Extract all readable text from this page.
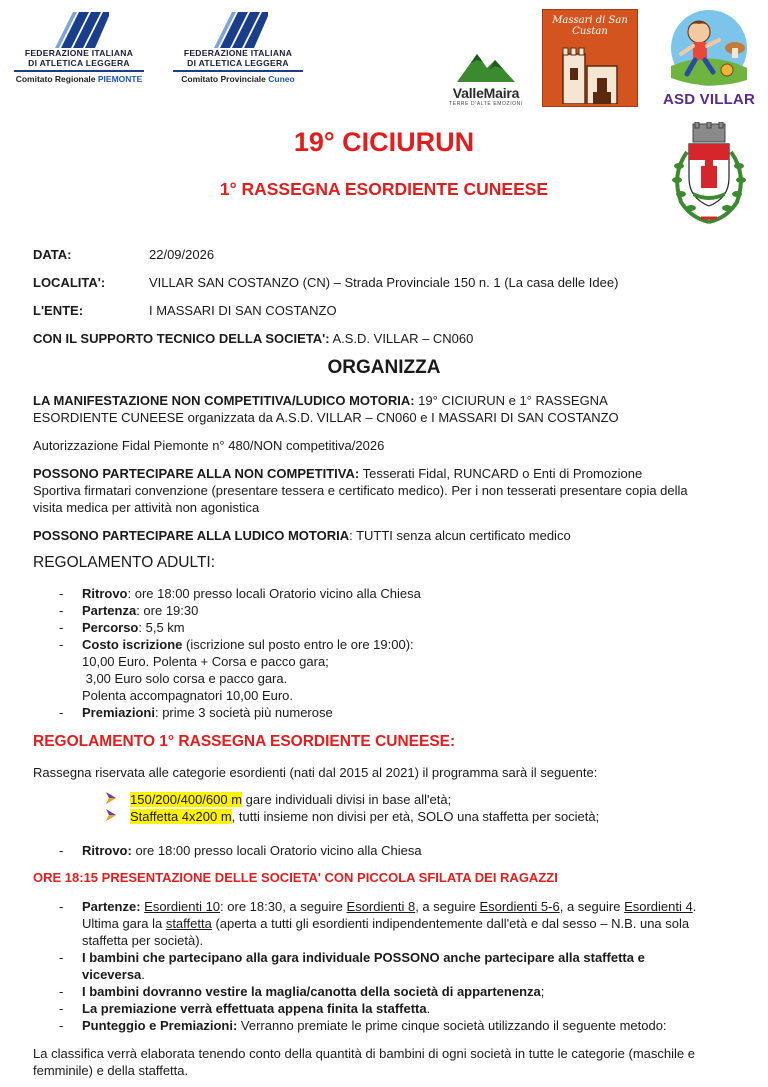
FEDERAZIONE ITALIANA
DI ATLETICA LEGGERA
Comitato Regionale PIEMONTE
FEDERAZIONE ITALIANA
DI ATLETICA LEGGERA
Comitato Provinciale Cuneo
ValleMaira
TERRE D'ALTE EMOZIONI
Massari di San Custan
ASD VILLAR
19° CICIURUN
1° RASSEGNA ESORDIENTE CUNEESE
DATA:	22/09/2026
LOCALITA':	VILLAR SAN COSTANZO (CN) – Strada Provinciale 150 n. 1 (La casa delle Idee)
L'ENTE:	I MASSARI DI SAN COSTANZO
CON IL SUPPORTO TECNICO DELLA SOCIETA': A.S.D. VILLAR – CN060
ORGANIZZA
LA MANIFESTAZIONE NON COMPETITIVA/LUDICO MOTORIA: 19° CICIURUN e 1° RASSEGNA
ESORDIENTE CUNEESE organizzata da A.S.D. VILLAR – CN060 e I MASSARI DI SAN COSTANZO
Autorizzazione Fidal Piemonte n° 480/NON competitiva/2026
POSSONO PARTECIPARE ALLA NON COMPETITIVA: Tesserati Fidal, RUNCARD o Enti di Promozione
Sportiva firmatari convenzione (presentare tessera e certificato medico). Per i non tesserati presentare copia della
visita medica per attività non agonistica
POSSONO PARTECIPARE ALLA LUDICO MOTORIA: TUTTI senza alcun certificato medico
REGOLAMENTO ADULTI:
- Ritrovo: ore 18:00 presso locali Oratorio vicino alla Chiesa
- Partenza: ore 19:30
- Percorso: 5,5 km
- Costo iscrizione (iscrizione sul posto entro le ore 19:00):
10,00 Euro. Polenta + Corsa e pacco gara;
3,00 Euro solo corsa e pacco gara.
Polenta accompagnatori 10,00 Euro.
- Premiazioni: prime 3 società più numerose
REGOLAMENTO 1° RASSEGNA ESORDIENTE CUNEESE:
Rassegna riservata alle categorie esordienti (nati dal 2015 al 2021) il programma sarà il seguente:
150/200/400/600 m gare individuali divisi in base all'età;
Staffetta 4x200 m, tutti insieme non divisi per età, SOLO una staffetta per società;
- Ritrovo: ore 18:00 presso locali Oratorio vicino alla Chiesa
ORE 18:15 PRESENTAZIONE DELLE SOCIETA' CON PICCOLA SFILATA DEI RAGAZZI
- Partenze: Esordienti 10: ore 18:30, a seguire Esordienti 8, a seguire Esordienti 5-6, a seguire Esordienti 4.
Ultima gara la staffetta (aperta a tutti gli esordienti indipendentemente dall'età e dal sesso – N.B. una sola
staffetta per società).
- I bambini che partecipano alla gara individuale POSSONO anche partecipare alla staffetta e
viceversa.
- I bambini dovranno vestire la maglia/canotta della società di appartenenza;
- La premiazione verrà effettuata appena finita la staffetta.
- Punteggio e Premiazioni: Verranno premiate le prime cinque società utilizzando il seguente metodo:
La classifica verrà elaborata tenendo conto della quantità di bambini di ogni società in tutte le categorie (maschile e
femminile) e della staffetta.
